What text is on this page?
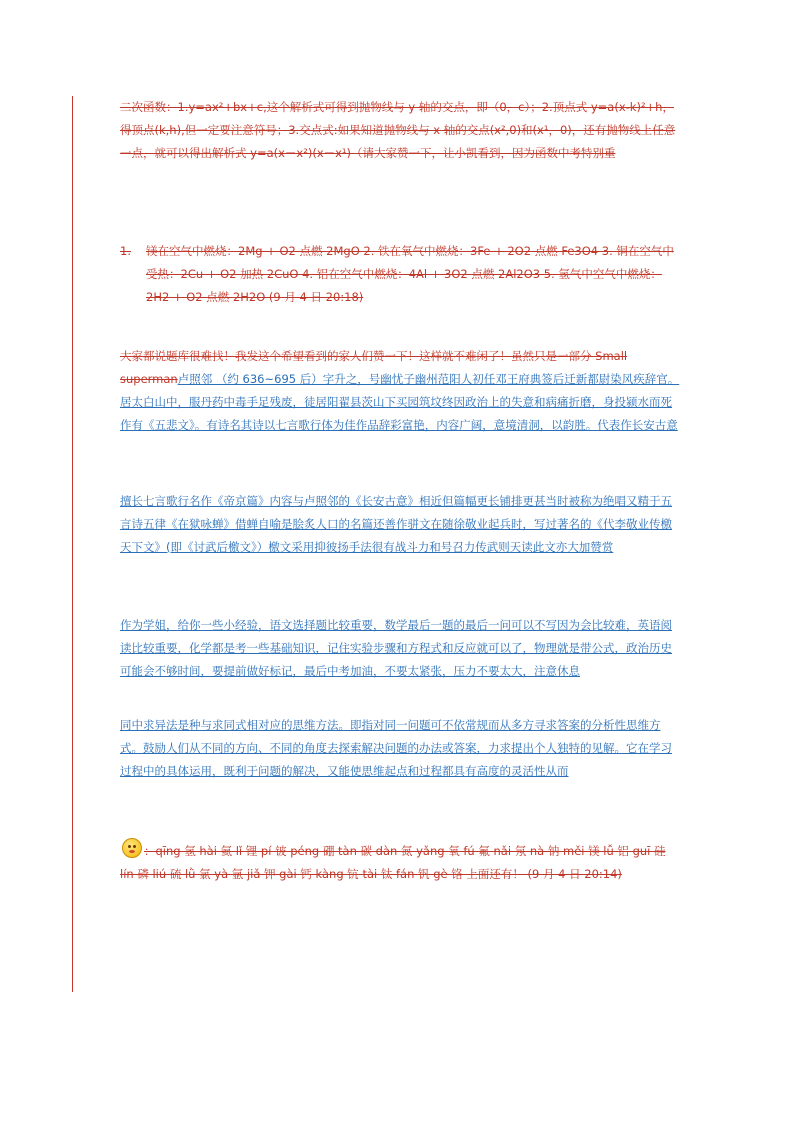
二次函数：1.y=ax²+bx+c,这个解析式可得到抛物线与 y 轴的交点，即（0，c）；2.顶点式 y=a(x-k)²+h，得顶点(k,h),但一定要注意符号；3.交点式:如果知道抛物线与 x 轴的交点(x²,0)和(x¹，0)，还有抛物线上任意一点，就可以得出解析式 y=a(x－x²)(x－x¹)（请大家赞一下，让小凯看到，因为函数中考特别重

1. 镁在空气中燃烧：2Mg + O2 点燃 2MgO 2. 铁在氧气中燃烧：3Fe + 2O2 点燃 Fe3O4 3. 铜在空气中受热：2Cu + O2 加热 2CuO 4. 铝在空气中燃烧：4Al + 3O2 点燃 2Al2O3 5. 氢气中空气中燃烧：2H2 + O2 点燃 2H2O (9 月 4 日 20:18)

大家都说题库很难找！我发这个希望看到的家人们赞一下！这样就不难闲了！虽然只是一部分 Small superman卢照邻 （约 636~695 后）字升之，号幽忧子幽州范阳人初任邓王府典签后迁新都尉染风疾辞官。居太白山中，服丹药中毒手足残废，徒居阳翟县茨山下买园筑坟终因政治上的失意和病痛折磨，身投颍水而死作有《五悲文》。有诗名其诗以七言歌行体为佳作品辞彩富艳，内容广阔，意境清洞，以韵胜。代表作长安古意

擅长七言歌行名作《帝京篇》内容与卢照邻的《长安古意》相近但篇幅更长铺排更甚当时被称为绝唱又精于五言诗五律《在狱咏蝉》借蝉自喻是脍炙人口的名篇还善作骈文在随徐敬业起兵时，写过著名的《代李敬业传檄天下文》(即《讨武后檄文》）檄文采用抑彼扬手法很有战斗力和号召力传武则天读此文亦大加赞赏

作为学姐，给你一些小经验，语文选择题比较重要，数学最后一题的最后一问可以不写因为会比较难，英语阅读比较重要，化学都是考一些基础知识，记住实验步骤和方程式和反应就可以了，物理就是带公式，政治历史可能会不够时间，要提前做好标记，最后中考加油，不要太紧张，压力不要太大，注意休息

同中求异法是种与求同式相对应的思维方法。即指对同一问题可不依常规而从多方寻求答案的分析性思维方式。鼓励人们从不同的方向、不同的角度去探索解决问题的办法或答案，力求提出个人独特的见解。它在学习过程中的具体运用，既利于问题的解决，又能使思维起点和过程都具有高度的灵活性从而

：qīng 氢 hài 氦 lǐ 锂 pí 铍 péng 硼 tàn 碳 dàn 氮 yǎng 氧 fú 氟 nǎi 氖 nà 钠 měi 镁 lǚ 铝 guī 硅 lín 磷 liú 硫 lǜ 氯 yà 氩 jiǎ 钾 gài 钙 kàng 钪 tài 钛 fán 钒 gè 铬 上面还有！ (9 月 4 日 20:14)
